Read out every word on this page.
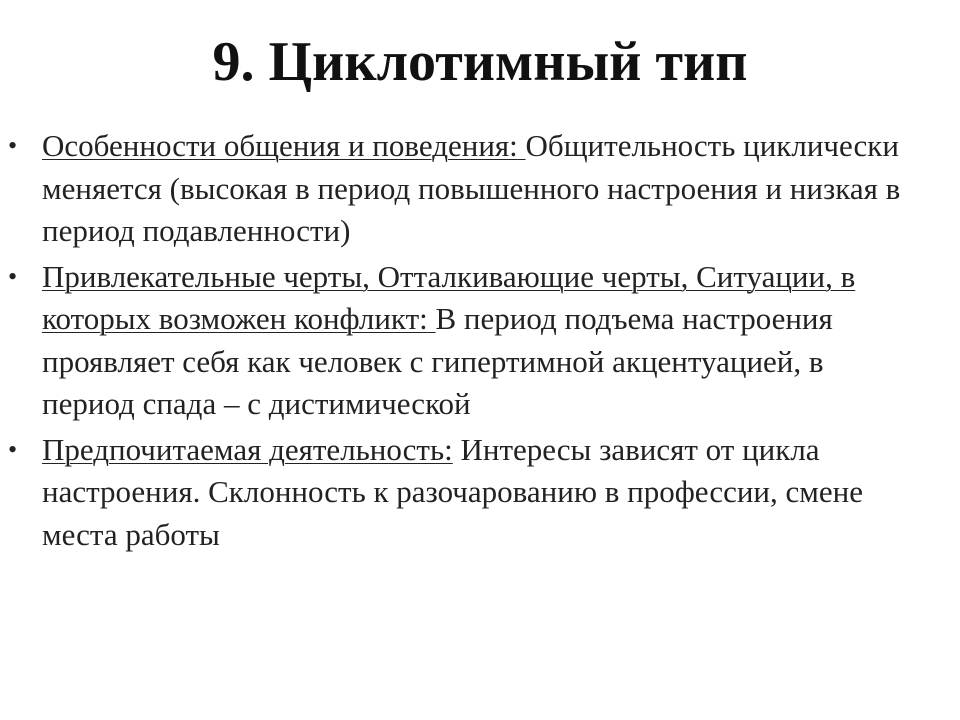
9. Циклотимный тип
• Особенности общения и поведения: Общительность циклически меняется (высокая в период повышенного настроения и низкая в период подавленности)
• Привлекательные черты, Отталкивающие черты, Ситуации, в которых возможен конфликт: В период подъема настроения проявляет себя как человек с гипертимной акцентуацией, в период спада – с дистимической
• Предпочитаемая деятельность: Интересы зависят от цикла настроения. Склонность к разочарованию в профессии, смене места работы
